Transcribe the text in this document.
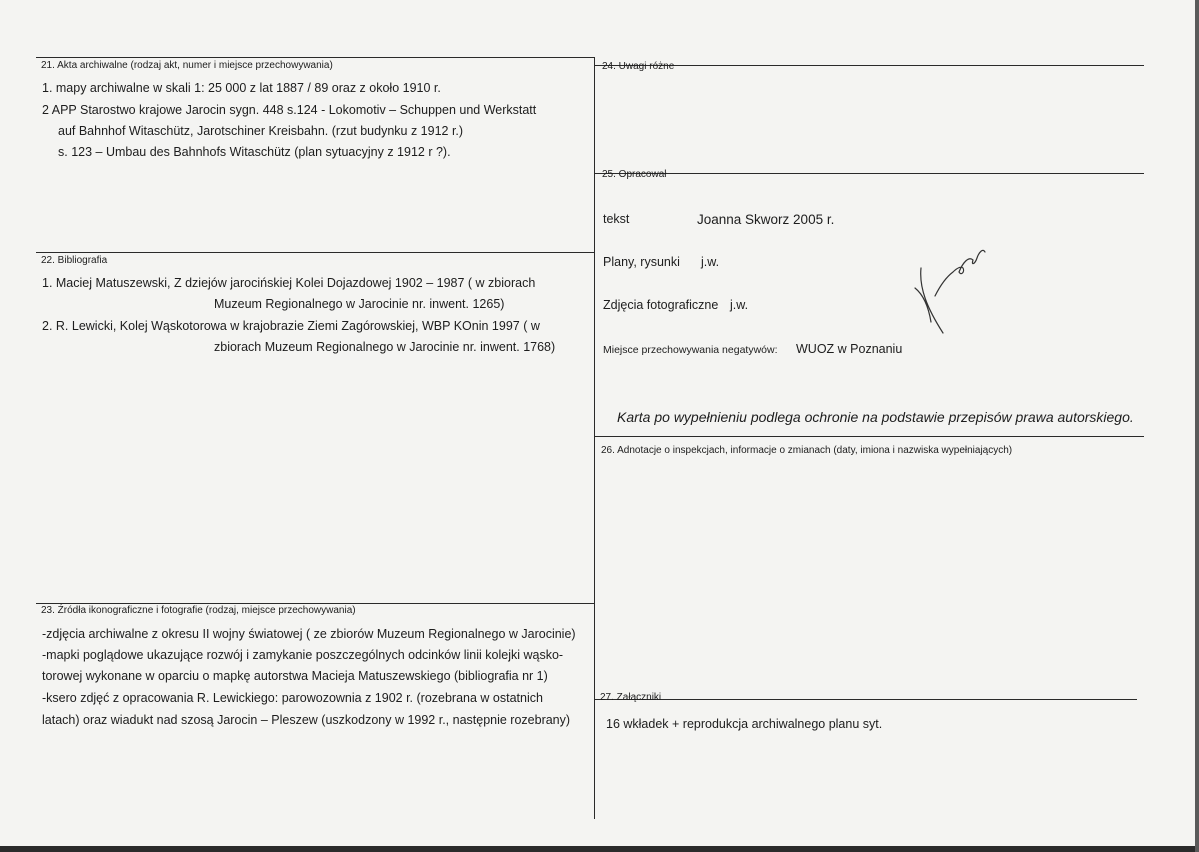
21. Akta archiwalne (rodzaj akt, numer i miejsce przechowywania)
1. mapy archiwalne w skali 1: 25 000 z lat 1887 / 89 oraz z około 1910 r.
2 APP Starostwo krajowe Jarocin sygn. 448 s.124 - Lokomotiv – Schuppen und Werkstatt
auf Bahnhof Witaschütz, Jarotschiner Kreisbahn. (rzut budynku z 1912 r.)
s. 123 – Umbau des Bahnhofs Witaschütz (plan sytuacyjny z 1912 r ?).
22. Bibliografia
1. Maciej Matuszewski, Z dziejów jarocińskiej Kolei Dojazdowej 1902 – 1987 ( w zbiorach
Muzeum Regionalnego w Jarocinie nr. inwent. 1265)
2. R. Lewicki, Kolej Wąskotorowa w krajobrazie Ziemi Zagórowskiej, WBP KOnin 1997 ( w
zbiorach Muzeum Regionalnego w Jarocinie nr. inwent. 1768)
23. Źródła ikonograficzne i fotografie (rodzaj, miejsce przechowywania)
-zdjęcia archiwalne z okresu II wojny światowej ( ze zbiorów Muzeum Regionalnego w Jarocinie)
-mapki poglądowe ukazujące rozwój i zamykanie poszczególnych odcinków linii kolejki wąsko-
torowej wykonane w oparciu o mapkę autorstwa Macieja Matuszewskiego (bibliografia nr 1)
-ksero zdjęć z opracowania R. Lewickiego: parowozownia z 1902 r. (rozebrana w ostatnich
latach) oraz wiadukt nad szosą Jarocin – Pleszew (uszkodzony w 1992 r., następnie rozebrany)
24. Uwagi różne
25. Opracował
tekst	Joanna Skworz 2005 r.
Plany, rysunki j.w.
Zdjęcia fotograficzne j.w.
Miejsce przechowywania negatywów: WUOZ w Poznaniu
Karta po wypełnieniu podlega ochronie na podstawie przepisów prawa autorskiego.
26. Adnotacje o inspekcjach, informacje o zmianach (daty, imiona i nazwiska wypełniających)
27. Załączniki
16 wkładek + reprodukcja archiwalnego planu syt.
